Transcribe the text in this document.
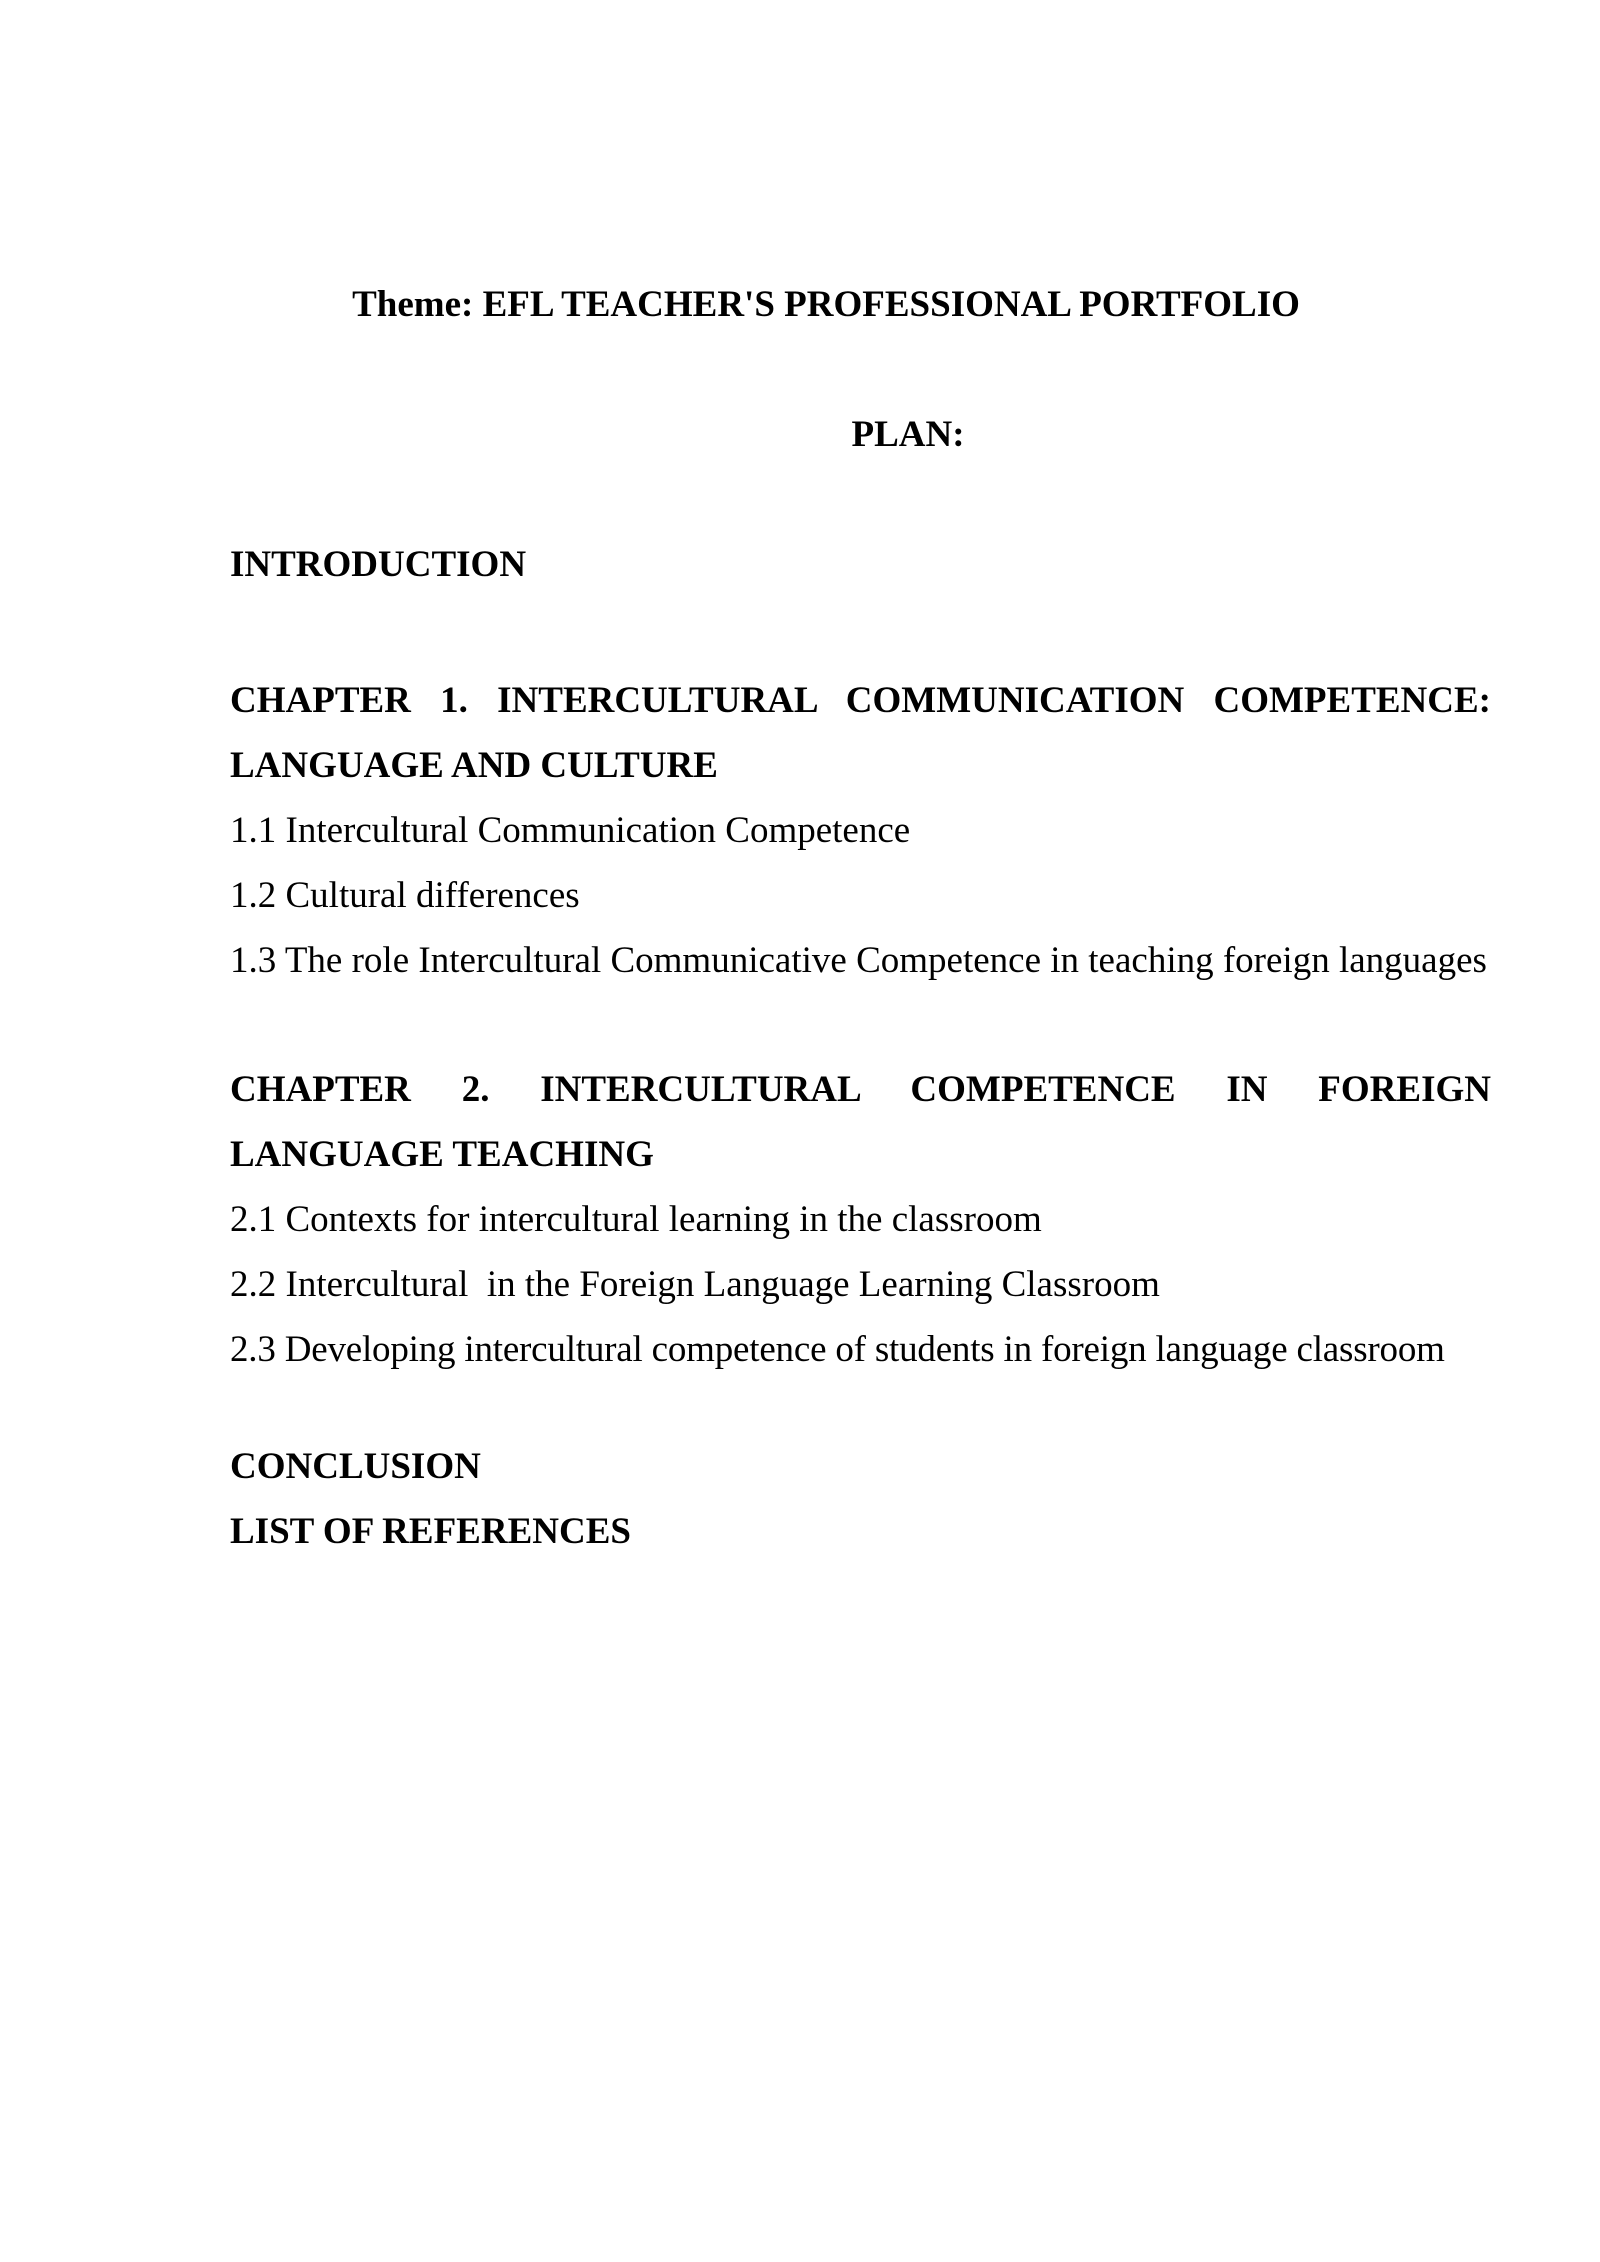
Theme: EFL TEACHER'S PROFESSIONAL PORTFOLIO
PLAN:

INTRODUCTION

CHAPTER 1. INTERCULTURAL COMMUNICATION COMPETENCE: LANGUAGE AND CULTURE

1.1 Intercultural Communication Competence

1.2 Cultural differences

1.3 The role Intercultural Communicative Competence in teaching foreign languages

CHAPTER 2. INTERCULTURAL COMPETENCE IN FOREIGN LANGUAGE TEACHING

2.1 Contexts for intercultural learning in the classroom

2.2 Intercultural  in the Foreign Language Learning Classroom

2.3 Developing intercultural competence of students in foreign language classroom

CONCLUSION

LIST OF REFERENCES
